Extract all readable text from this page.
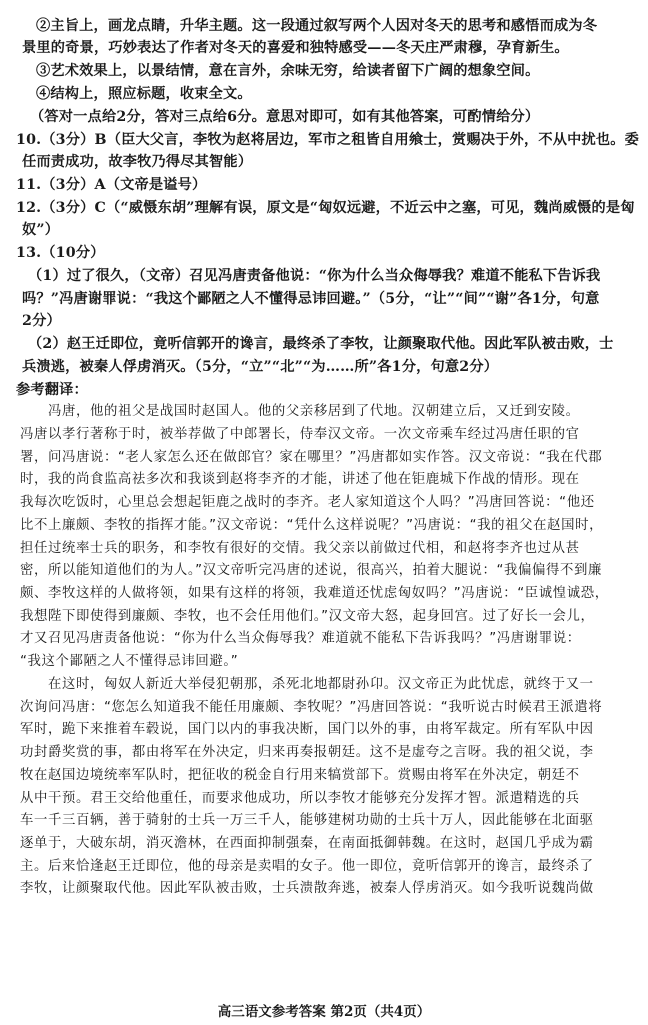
②主旨上，画龙点睛，升华主题。这一段通过叙写两个人因对冬天的思考和感悟而成为冬
景里的奇景，巧妙表达了作者对冬天的喜爱和独特感受——冬天庄严肃穆，孕育新生。
③艺术效果上，以景结情，意在言外，余味无穷，给读者留下广阔的想象空间。
④结构上，照应标题，收束全文。
（答对一点给2分，答对三点给6分。意思对即可，如有其他答案，可酌情给分）
10.（3分）B（臣大父言，李牧为赵将居边，军市之租皆自用飨士，赏赐决于外，不从中扰也。委
任而责成功，故李牧乃得尽其智能）
11.（3分）A（文帝是谥号）
12.（3分）C（“威慑东胡”理解有误，原文是“匈奴远避，不近云中之塞，可见，魏尚威慑的是匈
奴”）
13.（10分）
（1）过了很久，（文帝）召见冯唐责备他说：“你为什么当众侮辱我？难道不能私下告诉我
吗？”冯唐谢罪说：“我这个鄙陋之人不懂得忌讳回避。”（5分，“让”“间”“谢”各1分，句意
2分）
（2）赵王迁即位，竟听信郭开的谗言，最终杀了李牧，让颜聚取代他。因此军队被击败，士
兵溃逃，被秦人俘虏消灭。（5分，“立”“北”“为……所”各1分，句意2分）
参考翻译：
冯唐，他的祖父是战国时赵国人。他的父亲移居到了代地。汉朝建立后，又迁到安陵。
冯唐以孝行著称于时，被举荐做了中郎署长，侍奉汉文帝。一次文帝乘车经过冯唐任职的官
署，问冯唐说：“老人家怎么还在做郎官？家在哪里？”冯唐都如实作答。汉文帝说：“我在代郡
时，我的尚食监高祛多次和我谈到赵将李齐的才能，讲述了他在钜鹿城下作战的情形。现在
我每次吃饭时，心里总会想起钜鹿之战时的李齐。老人家知道这个人吗？”冯唐回答说：“他还
比不上廉颇、李牧的指挥才能。”汉文帝说：“凭什么这样说呢？”冯唐说：“我的祖父在赵国时，
担任过统率士兵的职务，和李牧有很好的交情。我父亲以前做过代相，和赵将李齐也过从甚
密，所以能知道他们的为人。”汉文帝听完冯唐的述说，很高兴，拍着大腿说：“我偏偏得不到廉
颇、李牧这样的人做将领，如果有这样的将领，我难道还忧虑匈奴吗？”冯唐说：“臣诚惶诚恐，
我想陛下即使得到廉颇、李牧，也不会任用他们。”汉文帝大怒，起身回宫。过了好长一会儿，
才又召见冯唐责备他说：“你为什么当众侮辱我？难道就不能私下告诉我吗？”冯唐谢罪说：
“我这个鄙陋之人不懂得忌讳回避。”
在这时，匈奴人新近大举侵犯朝那，杀死北地都尉孙卬。汉文帝正为此忧虑，就终于又一
次询问冯唐：“您怎么知道我不能任用廉颇、李牧呢？”冯唐回答说：“我听说古时候君王派遣将
军时，跪下来推着车毂说，国门以内的事我决断，国门以外的事，由将军裁定。所有军队中因
功封爵奖赏的事，都由将军在外决定，归来再奏报朝廷。这不是虚夸之言呀。我的祖父说，李
牧在赵国边境统率军队时，把征收的税金自行用来犒赏部下。赏赐由将军在外决定，朝廷不
从中干预。君王交给他重任，而要求他成功，所以李牧才能够充分发挥才智。派遣精选的兵
车一千三百辆，善于骑射的士兵一万三千人，能够建树功勋的士兵十万人，因此能够在北面驱
逐单于，大破东胡，消灭澹林，在西面抑制强秦，在南面抵御韩魏。在这时，赵国几乎成为霸
主。后来恰逢赵王迁即位，他的母亲是卖唱的女子。他一即位，竟听信郭开的谗言，最终杀了
李牧，让颜聚取代他。因此军队被击败，士兵溃散奔逃，被秦人俘虏消灭。如今我听说魏尚做
高三语文参考答案 第2页（共4页）
